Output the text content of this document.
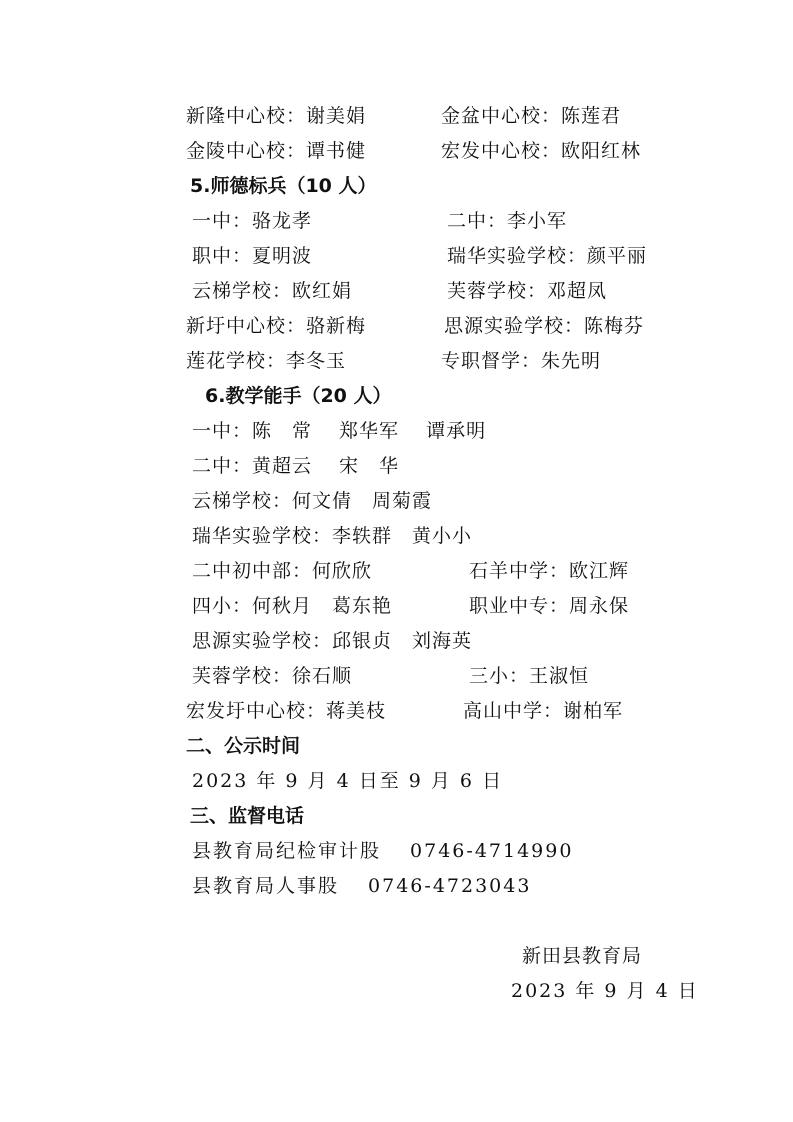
新隆中心校：谢美娟	金盆中心校：陈莲君
金陵中心校：谭书健	宏发中心校：欧阳红林
5.师德标兵（10 人）
一中：骆龙孝	二中：李小军
职中：夏明波	瑞华实验学校：颜平丽
云梯学校：欧红娟	芙蓉学校：邓超凤
新圩中心校：骆新梅	思源实验学校：陈梅芬
莲花学校：李冬玉	专职督学：朱先明
6.教学能手（20 人）
一中：陈　常　 郑华军　 谭承明
二中：黄超云　 宋　华
云梯学校：何文倩　周菊霞
瑞华实验学校：李轶群　黄小小
二中初中部：何欣欣	石羊中学：欧江辉
四小：何秋月　葛东艳	职业中专：周永保
思源实验学校：邱银贞　刘海英
芙蓉学校：徐石顺	三小：王淑恒
宏发圩中心校：蒋美枝	高山中学：谢柏军
二、公示时间
2023 年 9 月 4 日至 9 月 6 日
三、监督电话
县教育局纪检审计股　 0746-4714990
县教育局人事股　 0746-4723043
新田县教育局
2023 年 9 月 4 日
